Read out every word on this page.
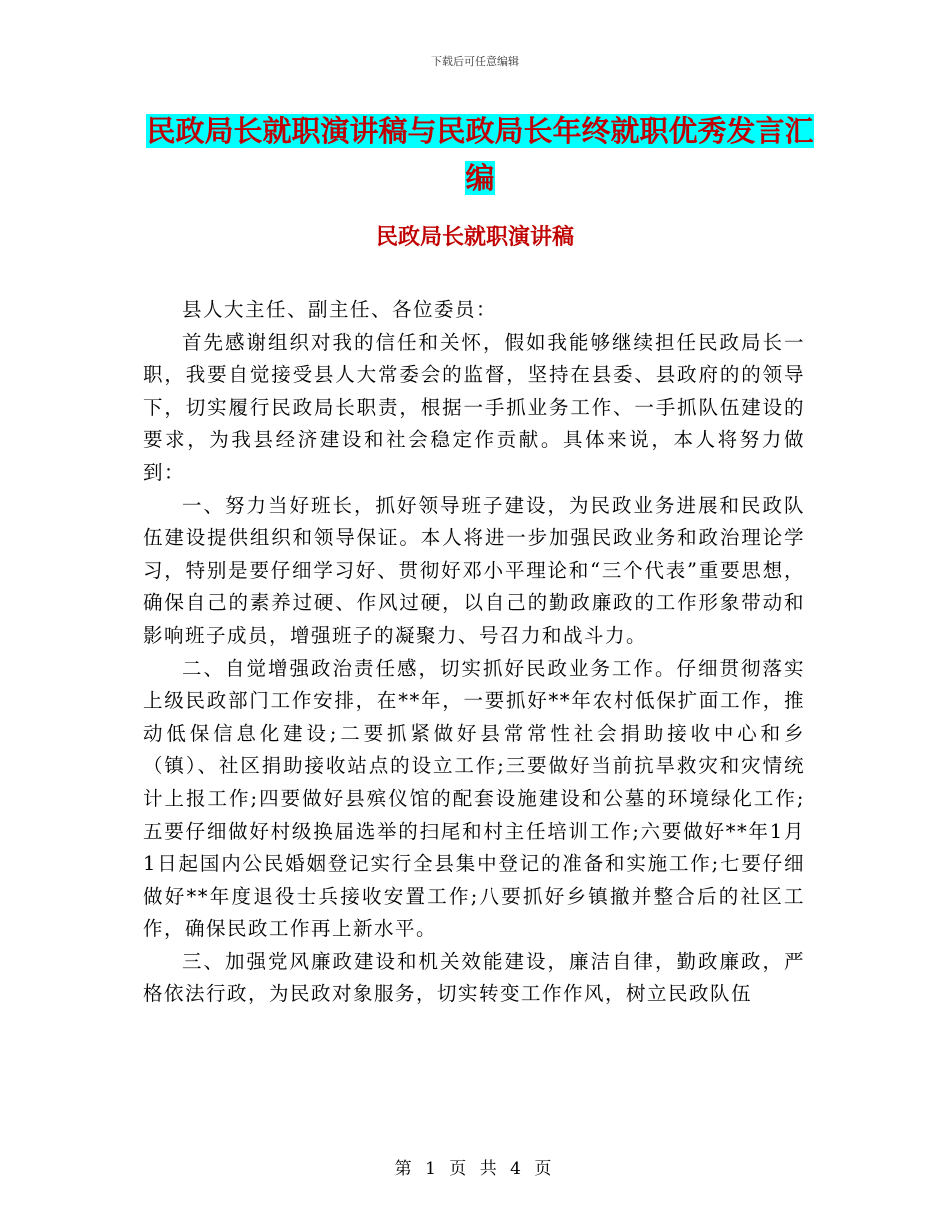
下载后可任意编辑
民政局长就职演讲稿与民政局长年终就职优秀发言汇编
民政局长就职演讲稿

县人大主任、副主任、各位委员：

首先感谢组织对我的信任和关怀，假如我能够继续担任民政局长一职，我要自觉接受县人大常委会的监督，坚持在县委、县政府的的领导下，切实履行民政局长职责，根据一手抓业务工作、一手抓队伍建设的要求，为我县经济建设和社会稳定作贡献。具体来说，本人将努力做到：

一、努力当好班长，抓好领导班子建设，为民政业务进展和民政队伍建设提供组织和领导保证。本人将进一步加强民政业务和政治理论学习，特别是要仔细学习好、贯彻好邓小平理论和“三个代表”重要思想，确保自己的素养过硬、作风过硬，以自己的勤政廉政的工作形象带动和影响班子成员，增强班子的凝聚力、号召力和战斗力。

二、自觉增强政治责任感，切实抓好民政业务工作。仔细贯彻落实上级民政部门工作安排，在**年，一要抓好**年农村低保扩面工作，推动低保信息化建设;二要抓紧做好县常常性社会捐助接收中心和乡（镇）、社区捐助接收站点的设立工作;三要做好当前抗旱救灾和灾情统计上报工作;四要做好县殡仪馆的配套设施建设和公墓的环境绿化工作;五要仔细做好村级换届选举的扫尾和村主任培训工作;六要做好**年1月1日起国内公民婚姻登记实行全县集中登记的准备和实施工作;七要仔细做好**年度退役士兵接收安置工作;八要抓好乡镇撤并整合后的社区工作，确保民政工作再上新水平。

三、加强党风廉政建设和机关效能建设，廉洁自律，勤政廉政，严格依法行政，为民政对象服务，切实转变工作作风，树立民政队伍

第 1 页 共 4 页
